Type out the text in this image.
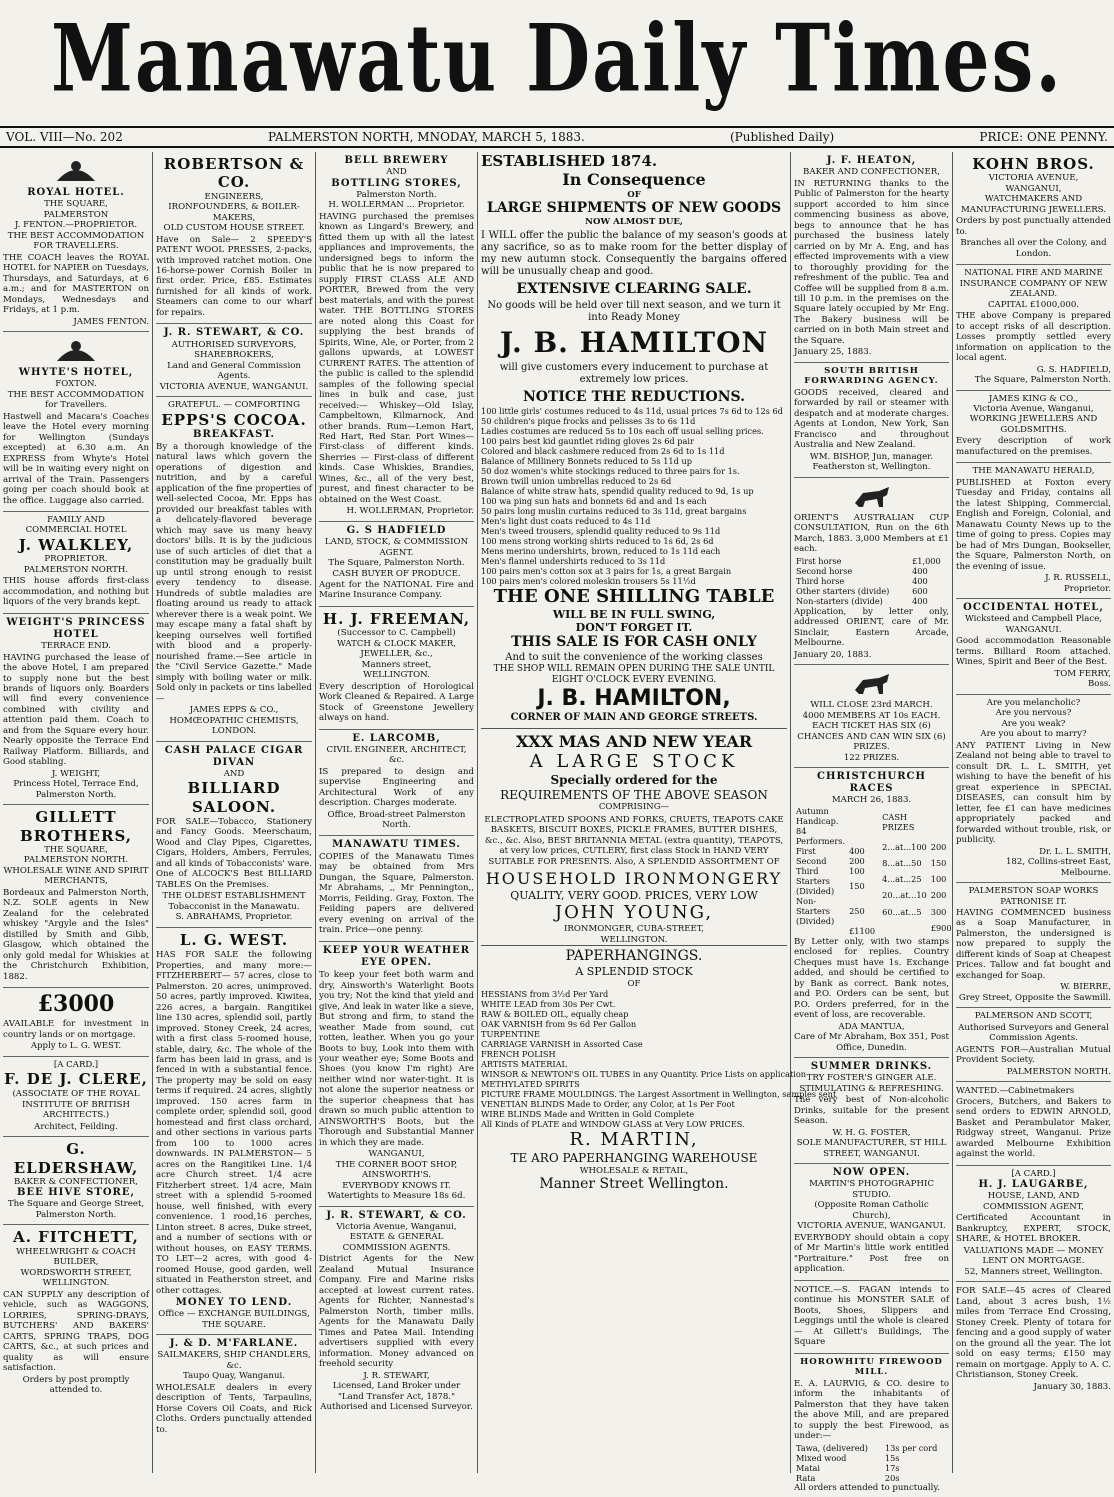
Manawatu Daily Times.
VOL. VIII—No. 202	PALMERSTON NORTH, MNODAY, MARCH 5, 1883.	(Published Daily)	PRICE: ONE PENNY.
ROYAL HOTEL.
THE SQUARE,
PALMERSTON
J. FENTON.—PROPRIETOR.
THE BEST ACCOMMODATION FOR TRAVELLERS.

THE COACH leaves the ROYAL HOTEL for NAPIER on Tuesdays, Thursdays, and Saturdays, at 6 a.m.; and for MASTERTON on Mondays, Wednesdays and Fridays, at 1 p.m.

JAMES FENTON.
WHYTE'S HOTEL,
FOXTON.
THE BEST ACCOMMODATION for Travellers.

Hastwell and Macara's Coaches leave the Hotel every morning for Wellington (Sundays excepted) at 6.30 a.m. An EXPRESS from Whyte's Hotel will be in waiting every night on arrival of the Train. Passengers going per coach should book at the office. Luggage also carried.

FAMILY AND
COMMERCIAL HOTEL
J. WALKLEY,
PROPRIETOR.
PALMERSTON NORTH.

THIS house affords first-class accommodation, and nothing but liquors of the very brands kept.

WEIGHT'S PRINCESS HOTEL
TERRACE END.

HAVING purchased the lease of the above Hotel, I am prepared to supply none but the best brands of liquors only. Boarders will find every convenience combined with civility and attention paid them. Coach to and from the Square every hour. Nearly opposite the Terrace End Railway Platform. Billiards, and Good stabling.

J. WEIGHT,
Princess Hotel, Terrace End, Palmerston North.
GILLETT BROTHERS,
THE SQUARE,
PALMERSTON NORTH.
WHOLESALE WINE AND SPIRIT MERCHANTS,

Bordeaux and Palmerston North, N.Z. SOLE agents in New Zealand for the celebrated whiskey "Argyle and the Isles" distilled by Smith and Gibb, Glasgow, which obtained the only gold medal for Whiskies at the Christchurch Exhibition, 1882.

£3000

AVAILABLE for investment in country lands or on mortgage.

Apply to L. G. WEST.
[A CARD.]
F. DE J. CLERE,

(ASSOCIATE OF THE ROYAL INSTITUTE OF BRITISH ARCHITECTS.)

Architect, Feilding.
G. ELDERSHAW,
BAKER & CONFECTIONER,
BEE HIVE STORE,
The Square and George Street, Palmerston North.
A. FITCHETT,
WHEELWRIGHT & COACH BUILDER,
WORDSWORTH STREET, WELLINGTON.

CAN SUPPLY any description of vehicle, such as WAGGONS, LORRIES, SPRING-DRAYS, BUTCHERS' AND BAKERS' CARTS, SPRING TRAPS, DOG CARTS, &c., at such prices and quality as will ensure satisfaction.

Orders by post promptly attended to.
ROBERTSON & CO.
ENGINEERS,
IRONFOUNDERS, & BOILER-MAKERS,
OLD CUSTOM HOUSE STREET.

Have on Sale— 2 SPEEDY'S PATENT WOOL PRESSES, 2-packs, with improved ratchet motion. One 16-horse-power Cornish Boiler in first order. Price, £85. Estimates furnished for all kinds of work. Steamers can come to our wharf for repairs.

J. R. STEWART, & CO.
AUTHORISED SURVEYORS,
SHAREBROKERS,
Land and General Commission Agents.
VICTORIA AVENUE, WANGANUI.
GRATEFUL. — COMFORTING
EPPS'S COCOA.
BREAKFAST.

By a thorough knowledge of the natural laws which govern the operations of digestion and nutrition, and by a careful application of the fine properties of well-selected Cocoa, Mr. Epps has provided our breakfast tables with a delicately-flavored beverage which may save us many heavy doctors' bills. It is by the judicious use of such articles of diet that a constitution may be gradually built up until strong enough to resist every tendency to disease. Hundreds of subtle maladies are floating around us ready to attack wherever there is a weak point. We may escape many a fatal shaft by keeping ourselves well fortified with blood and a properly-nourished frame.—See article in the "Civil Service Gazette." Made simply with boiling water or milk. Sold only in packets or tins labelled—

JAMES EPPS & CO.,
HOMŒOPATHIC CHEMISTS, LONDON.
CASH PALACE CIGAR DIVAN
AND
BILLIARD SALOON.

FOR SALE—Tobacco, Stationery and Fancy Goods. Meerschaum, Wood and Clay Pipes, Cigarettes, Cigars, Holders, Ambers, Ferrules, and all kinds of Tobacconists' ware. One of ALCOCK'S Best BILLIARD TABLES On the Premises.

THE OLDEST ESTABLISHMENT Tobacconist in the Manawatu.
S. ABRAHAMS, Proprietor.
L. G. WEST.

HAS FOR SALE the following Properties, and many more:— FITZHERBERT— 57 acres, close to Palmerston. 20 acres, unimproved. 50 acres, partly improved. Kiwitea, 226 acres, a bargain. Rangitikei line 130 acres, splendid soil, partly improved. Stoney Creek, 24 acres, with a first class 5-roomed house, stable, dairy, &c. The whole of the farm has been laid in grass, and is fenced in with a substantial fence. The property may be sold on easy terms if required. 24 acres, slightly improved. 150 acres farm in complete order, splendid soil, good homestead and first class orchard, and other sections in various parts from 100 to 1000 acres downwards. IN PALMERSTON— 5 acres on the Rangitikei Line. 1/4 acre Church street. 1/4 acre Fitzherbert street. 1/4 acre, Main street with a splendid 5-roomed house, well finished, with every convenience. 1 rood,16 perches, Linton street. 8 acres, Duke street, and a number of sections with or without houses, on EASY TERMS. TO LET—2 acres, with good 4-roomed House, good garden, well situated in Featherston street, and other cottages.

MONEY TO LEND.
Office — EXCHANGE BUILDINGS, THE SQUARE.
J. & D. M'FARLANE.
SAILMAKERS, SHIP CHANDLERS, &c.
Taupo Quay, Wanganui.

WHOLESALE dealers in every description of Tents, Tarpaulins, Horse Covers Oil Coats, and Rick Cloths. Orders punctually attended to.

BELL BREWERY
AND
BOTTLING STORES,
Palmerston North.
H. WOLLERMAN ... Proprietor.

HAVING purchased the premises known as Lingard's Brewery, and fitted them up with all the latest appliances and improvements, the undersigned begs to inform the public that he is now prepared to supply FIRST CLASS ALE AND PORTER, Brewed from the very best materials, and with the purest water. THE BOTTLING STORES are noted along this Coast for supplying the best brands of Spirits, Wine, Ale, or Porter, from 2 gallons upwards, at LOWEST CURRENT RATES. The attention of the public is called to the splendid samples of the following special lines in bulk and case, just received:— Whiskey—Old Islay, Campbeltown, Kilmarnock, And other brands. Rum—Lemon Hart, Red Hart, Red Star. Port Wines—First-class of different kinds. Sherries — First-class of different kinds. Case Whiskies, Brandies, Wines, &c., all of the very best, purest, and finest character to be obtained on the West Coast.

H. WOLLERMAN, Proprietor.
G. S HADFIELD
LAND, STOCK, & COMMISSION AGENT.
The Square, Palmerston North.
CASH BUYER OF PRODUCE.

Agent for the NATIONAL Fire and Marine Insurance Company.

H. J. FREEMAN,
(Successor to C. Campbell)
WATCH & CLOCK MAKER, JEWELLER, &c.,
Manners street,
WELLINGTON.

Every description of Horological Work Cleaned & Repaired. A Large Stock of Greenstone Jewellery always on hand.

E. LARCOMB,
CIVIL ENGINEER, ARCHITECT, &c.

IS prepared to design and supervise Engineering and Architectural Work of any description. Charges moderate.

Office, Broad-street Palmerston North.
MANAWATU TIMES.

COPIES of the Manawatu Times may be obtained from Mrs Dungan, the Square, Palmerston. Mr Abrahams, ,, Mr Pennington,, Morris, Feilding. Gray, Foxton. The Feilding papers are delivered every evening on arrival of the train. Price—one penny.

KEEP YOUR WEATHER EYE OPEN.

To keep your feet both warm and dry, Ainsworth's Waterlight Boots you try; Not the kind that yield and give, And leak in water like a sieve, But strong and firm, to stand the weather Made from sound, cut rotten, leather. When you go your Boots to buy, Look into them with your weather eye; Some Boots and Shoes (you know I'm right) Are neither wind nor water-tight. It is not alone the superior neatness or the superior cheapness that has drawn so much public attention to AINSWORTH'S Boots, but the Thorough and Substantial Manner in which they are made.

WANGANUI,
THE CORNER BOOT SHOP, AINSWORTH'S.
EVERYBODY KNOWS IT. Watertights to Measure 18s 6d.
J. R. STEWART, & CO.
Victoria Avenue, Wanganui,
ESTATE & GENERAL COMMISSION AGENTS.

District Agents for the New Zealand Mutual Insurance Company. Fire and Marine risks accepted at lowest current rates. Agents for Richter, Nannestad's Palmerston North, timber mills. Agents for the Manawatu Daily Times and Patea Mail. Intending advertisers supplied with every information. Money advanced on freehold security

J. R. STEWART,
Licensed, Land Broker under "Land Transfer Act, 1878." Authorised and Licensed Surveyor.
ESTABLISHED 1874.
In Consequence
OF
LARGE SHIPMENTS OF NEW GOODS
NOW ALMOST DUE,

I WILL offer the public the balance of my season's goods at any sacrifice, so as to make room for the better display of my new autumn stock. Consequently the bargains offered will be unusually cheap and good.

EXTENSIVE CLEARING SALE.

No goods will be held over till next season, and we turn it into Ready Money

J. B. HAMILTON

will give customers every inducement to purchase at extremely low prices.

NOTICE THE REDUCTIONS.
100 little girls' costumes reduced to 4s 11d, usual prices 7s 6d to 12s 6d
50 children's pique frocks and pelisses 3s to 6s 11d
Ladies costumes are reduced 5s to 10s each off usual selling prices.
100 pairs best kid gauntlet riding gloves 2s 6d pair
Colored and black cashmere reduced from 2s 6d to 1s 11d
Balance of Millinery Bonnets reduced to 5s 11d up
50 doz women's white stockings reduced to three pairs for 1s.
Brown twill union umbrellas reduced to 2s 6d
Balance of white straw hats, spendid quality reduced to 9d, 1s up
100 wa ping sun hats and bonnets 6d and and 1s each
50 pairs long muslin curtains reduced to 3s 11d, great bargains
Men's light dust coats reduced to 4s 11d
Men's tweed trousers, splendid quality reduced to 9s 11d
100 mens strong working shirts reduced to 1s 6d, 2s 6d
Mens merino undershirts, brown, reduced to 1s 11d each
Men's flannel undershirts reduced to 3s 11d
100 pairs men's cotton sox at 3 pairs for 1s, a great Bargain
100 pairs men's colored moleskin trousers 5s 11½d
THE ONE SHILLING TABLE
WILL BE IN FULL SWING,
DON'T FORGET IT.
THIS SALE IS FOR CASH ONLY
And to suit the convenience of the working classes
THE SHOP WILL REMAIN OPEN DURING THE SALE UNTIL EIGHT O'CLOCK EVERY EVENING.
J. B. HAMILTON,
CORNER OF MAIN AND GEORGE STREETS.
XXX MAS AND NEW YEAR
A LARGE STOCK
Specially ordered for the
REQUIREMENTS OF THE ABOVE SEASON
COMPRISING—

ELECTROPLATED SPOONS AND FORKS, CRUETS, TEAPOTS CAKE BASKETS, BISCUIT BOXES, PICKLE FRAMES, BUTTER DISHES, &c., &c. Also, BEST BRITANNIA METAL (extra quantity), TEAPOTS, at very low prices, CUTLERY, first class Stock in HAND VERY SUITABLE FOR PRESENTS. Also, A SPLENDID ASSORTMENT OF

HOUSEHOLD IRONMONGERY
QUALITY, VERY GOOD. PRICES, VERY LOW
JOHN YOUNG,
IRONMONGER, CUBA-STREET,
WELLINGTON.
PAPERHANGINGS.
A SPLENDID STOCK
OF
HESSIANS from 3½d Per Yard
WHITE LEAD from 30s Per Cwt.
RAW & BOILED OIL, equally cheap
OAK VARNISH from 9s 6d Per Gallon
TURPENTINE
CARRIAGE VARNISH in Assorted Case
FRENCH POLISH
ARTISTS MATERIAL
WINSOR & NEWTON'S OIL TUBES in any Quantity. Price Lists on application
METHYLATED SPIRITS
PICTURE FRAME MOULDINGS. The Largest Assortment in Wellington, samples sent
VENETIAN BLINDS Made to Order, any Color, at 1s Per Foot
WIRE BLINDS Made and Written in Gold Complete
All Kinds of PLATE and WINDOW GLASS at Very LOW PRICES.
R. MARTIN,
TE ARO PAPERHANGING WAREHOUSE
WHOLESALE & RETAIL,
Manner Street Wellington.
J. F. HEATON,
BAKER AND CONFECTIONER,

IN RETURNING thanks to the Public of Palmerston for the hearty support accorded to him since commencing business as above, begs to announce that he has purchased the business lately carried on by Mr A. Eng, and has effected improvements with a view to thoroughly providing for the refreshment of the public. Tea and Coffee will be supplied from 8 a.m. till 10 p.m. in the premises on the Square lately occupied by Mr Eng. The Bakery business will be carried on in both Main street and the Square.

January 25, 1883.
SOUTH BRITISH FORWARDING AGENCY.

GOODS received, cleared and forwarded by rail or steamer with despatch and at moderate charges. Agents at London, New York, San Francisco and throughout Australia and New Zealand.

WM. BISHOP, Jun, manager.
Featherston st, Wellington.

ORIENT'S AUSTRALIAN CUP CONSULTATION, Run on the 6th March, 1883. 3,000 Members at £1 each.

First horse	£1,000
Second horse	400
Third horse	400
Other starters (divide)	600
Non-starters (divide)	400

Application, by letter only, addressed ORIENT, care of Mr. Sinclair, Eastern Arcade, Melbourne.

January 20, 1883.
WILL CLOSE 23rd MARCH.
4000 MEMBERS AT 10s EACH.
EACH TICKET HAS SIX (6) CHANCES AND CAN WIN SIX (6) PRIZES.
122 PRIZES.
CHRISTCHURCH RACES
MARCH 26, 1883.
Autumn Handicap. 84 Performers.	
First	400
Second	200
Third	100
Starters (Divided)	150
Non-Starters (Divided)	250
	£1100
CASH PRIZES	
2...at...100	200
8...at...50	150
4...at...25	100
20...at...10	200
60...at...5	300
	£900

By Letter only, with two stamps enclosed for replies. Country Cheques must have 1s. Exchange added, and should be certified to by Bank as correct. Bank notes, and P.O. Orders can be sent, but P.O. Orders preferred, for in the event of loss, are recoverable.

ADA MANTUA,
Care of Mr Abraham, Box 351, Post Office, Dunedin.
SUMMER DRINKS.
TRY FOSTER'S GINGER ALE.
STIMULATING & REFRESHING.

The very best of Non-alcoholic Drinks, suitable for the present Season.

W. H. G. FOSTER,
SOLE MANUFACTURER, ST HILL STREET, WANGANUI.
NOW OPEN.
MARTIN'S PHOTOGRAPHIC STUDIO.
(Opposite Roman Catholic Church),
VICTORIA AVENUE, WANGANUI.

EVERYBODY should obtain a copy of Mr Martin's little work entitled "Portraiture." Post free on application.

NOTICE.—S. FAGAN intends to continue his MONSTER SALE of Boots, Shoes, Slippers and Leggings until the whole is cleared — At Gillett's Buildings, The Square

HOROWHITU FIREWOOD MILL.

E. A. LAURVIG, & CO. desire to inform the inhabitants of Palmerston that they have taken the above Mill, and are prepared to supply the best Firewood, as under:—

Tawa, (delivered)	13s per cord
Mixed wood	15s
Matai	17s
Rata	20s
All orders attended to punctually.
KOHN BROS.
VICTORIA AVENUE,
WANGANUI,
WATCHMAKERS AND MANUFACTURING JEWELLERS.

Orders by post punctually attended to.

Branches all over the Colony, and London.

NATIONAL FIRE AND MARINE INSURANCE COMPANY OF NEW ZEALAND.
CAPITAL £1000,000.

THE above Company is prepared to accept risks of all description. Losses promptly settled every information on application to the local agent.

G. S. HADFIELD,
The Square, Palmerston North.
JAMES KING & CO.,
Victoria Avenue, Wanganui,
WORKING JEWELLERS AND GOLDSMITHS.

Every description of work manufactured on the premises.

THE MANAWATU HERALD,

PUBLISHED at Foxton every Tuesday and Friday, contains all the latest Shipping, Commercial, English and Foreign, Colonial, and Manawatu County News up to the time of going to press. Copies may be had of Mrs Dungan, Bookseller, the Square, Palmerston North, on the evening of issue.

J. R. RUSSELL,
Proprietor.
OCCIDENTAL HOTEL,
Wicksteed and Campbell Place, WANGANUI.

Good accommodation Reasonable terms. Billiard Room attached. Wines, Spirit and Beer of the Best.

TOM FERRY,
Boss.
Are you melancholic?
Are you nervous?
Are you weak?
Are you about to marry?

ANY PATIENT Living in New Zealand not being able to travel to consult DR. L. L. SMITH, yet wishing to have the benefit of his great experience in SPECIAL DISEASES, can consult him by letter, fee £1 can have medicines appropriately packed and forwarded without trouble, risk, or publicity.

Dr. L. L. SMITH,
182, Collins-street East, Melbourne.
PALMERSTON SOAP WORKS
PATRONISE IT.

HAVING COMMENCED business as a Soap Manufacturer, in Palmerston, the undersigned is now prepared to supply the different kinds of Soap at Cheapest Prices. Tallow and fat bought and exchanged for Soap.

W. BIERRE,
Grey Street, Opposite the Sawmill.
PALMERSON AND SCOTT,

Authorised Surveyors and General Commission Agents.

AGENTS FOR—Australian Mutual Provident Society.

PALMERSTON NORTH.

WANTED.—Cabinetmakers Grocers, Butchers, and Bakers to send orders to EDWIN ARNOLD, Basket and Perambulator Maker, Ridgway street, Wanganui. Prize awarded Melbourne Exhibition against the world.

[A CARD.]
H. J. LAUGARBE,
HOUSE, LAND, AND COMMISSION AGENT,

Certificated Accountant in Bankruptcy, EXPERT, STOCK, SHARE, & HOTEL BROKER.

VALUATIONS MADE — MONEY LENT ON MORTGAGE.
52, Manners street, Wellington.

FOR SALE—45 acres of Cleared Land, about 3 acres bush, 1½ miles from Terrace End Crossing, Stoney Creek. Plenty of totara for fencing and a good supply of water on the ground all the year. The lot sold on easy terms; £150 may remain on mortgage. Apply to A. C. Christianson, Stoney Creek.

January 30, 1883.
